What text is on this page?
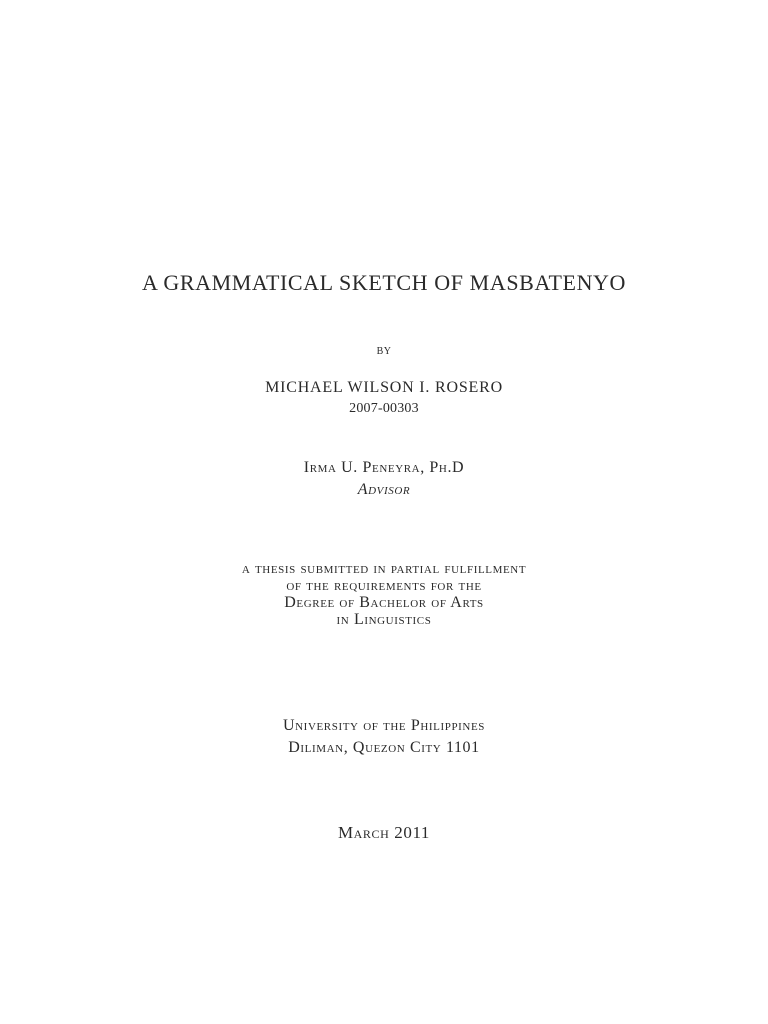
A GRAMMATICAL SKETCH OF MASBATENYO
by
MICHAEL WILSON I. ROSERO
2007-00303
Irma U. Peneyra, Ph.D
Advisor
a thesis submitted in partial fulfillment
of the requirements for the
Degree of Bachelor of Arts
in Linguistics
University of the Philippines
Diliman, Quezon City 1101
March 2011
